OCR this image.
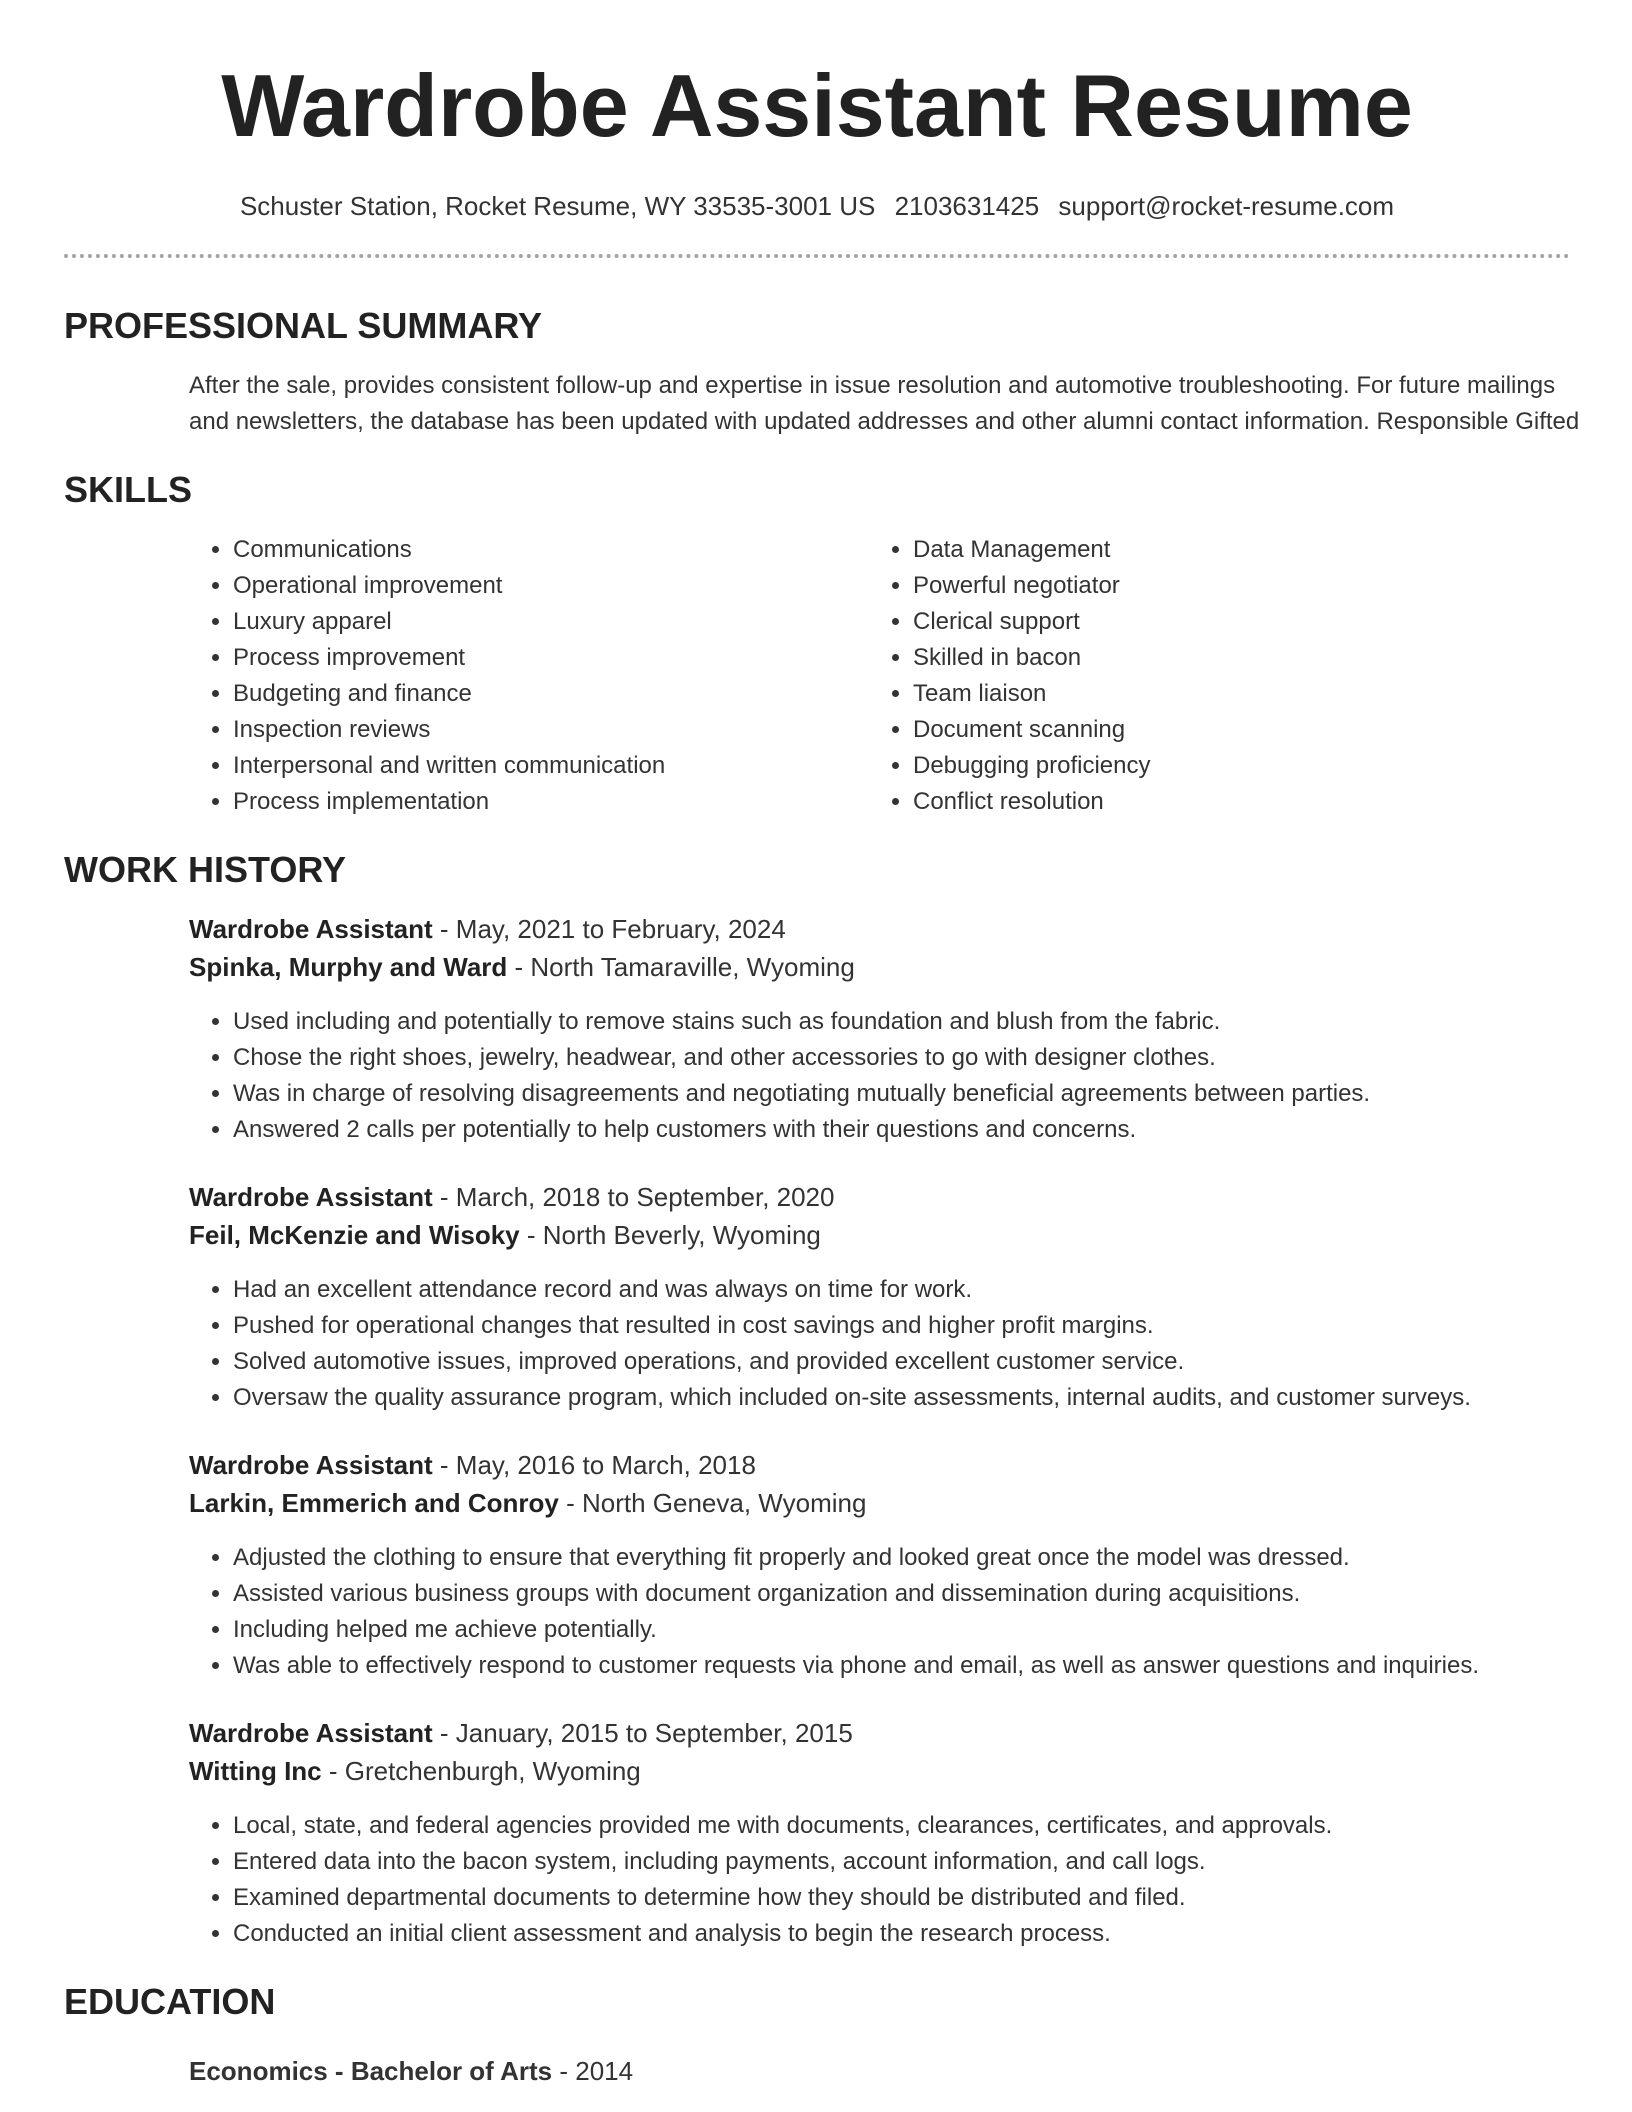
Wardrobe Assistant Resume
Schuster Station, Rocket Resume, WY 33535-3001 US 2103631425 support@rocket-resume.com
PROFESSIONAL SUMMARY

After the sale, provides consistent follow-up and expertise in issue resolution and automotive troubleshooting. For future mailings and newsletters, the database has been updated with updated addresses and other alumni contact information. Responsible Gifted

SKILLS
• Communications
• Operational improvement
• Luxury apparel
• Process improvement
• Budgeting and finance
• Inspection reviews
• Interpersonal and written communication
• Process implementation
• Data Management
• Powerful negotiator
• Clerical support
• Skilled in bacon
• Team liaison
• Document scanning
• Debugging proficiency
• Conflict resolution
WORK HISTORY
Wardrobe Assistant - May, 2021 to February, 2024
Spinka, Murphy and Ward - North Tamaraville, Wyoming
• Used including and potentially to remove stains such as foundation and blush from the fabric.
• Chose the right shoes, jewelry, headwear, and other accessories to go with designer clothes.
• Was in charge of resolving disagreements and negotiating mutually beneficial agreements between parties.
• Answered 2 calls per potentially to help customers with their questions and concerns.
Wardrobe Assistant - March, 2018 to September, 2020
Feil, McKenzie and Wisoky - North Beverly, Wyoming
• Had an excellent attendance record and was always on time for work.
• Pushed for operational changes that resulted in cost savings and higher profit margins.
• Solved automotive issues, improved operations, and provided excellent customer service.
• Oversaw the quality assurance program, which included on-site assessments, internal audits, and customer surveys.
Wardrobe Assistant - May, 2016 to March, 2018
Larkin, Emmerich and Conroy - North Geneva, Wyoming
• Adjusted the clothing to ensure that everything fit properly and looked great once the model was dressed.
• Assisted various business groups with document organization and dissemination during acquisitions.
• Including helped me achieve potentially.
• Was able to effectively respond to customer requests via phone and email, as well as answer questions and inquiries.
Wardrobe Assistant - January, 2015 to September, 2015
Witting Inc - Gretchenburgh, Wyoming
• Local, state, and federal agencies provided me with documents, clearances, certificates, and approvals.
• Entered data into the bacon system, including payments, account information, and call logs.
• Examined departmental documents to determine how they should be distributed and filed.
• Conducted an initial client assessment and analysis to begin the research process.
EDUCATION
Economics - Bachelor of Arts - 2014
